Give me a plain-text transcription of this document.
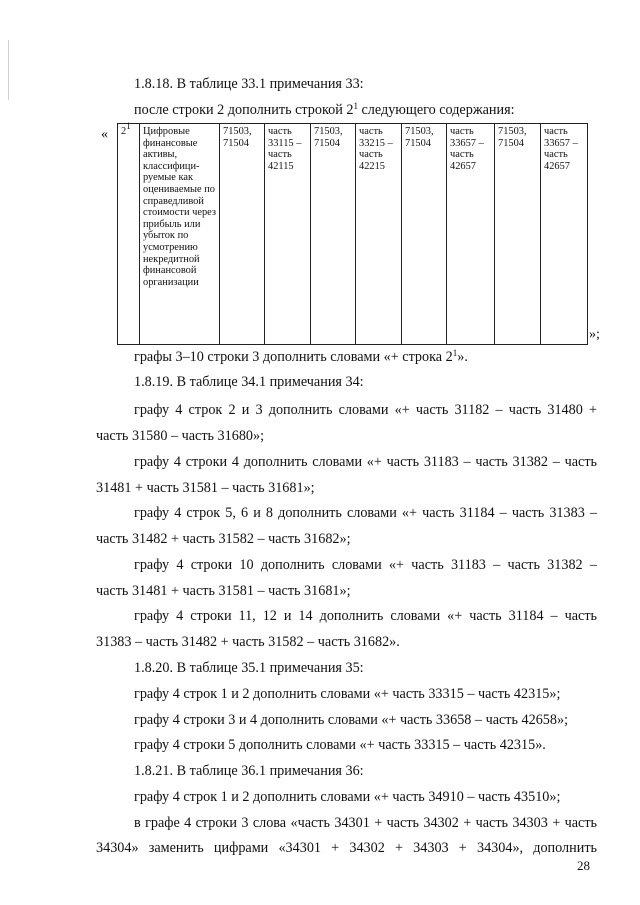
1.8.18. В таблице 33.1 примечания 33:

после строки 2 дополнить строкой $2^1$ следующего содержания:

« $2^1$	Цифровые финансовые активы, классифици-руемые как оцениваемые по справедливой стоимости через прибыль или убыток по усмотрению некредитной финансовой организации	71503, 71504	часть 33115 – часть 42115	71503, 71504	часть 33215 – часть 42215	71503, 71504	часть 33657 – часть 42657	71503, 71504	часть 33657 – часть 42657
»;

графы 3–10 строки 3 дополнить словами «+ строка $2^1$».

1.8.19. В таблице 34.1 примечания 34:

графу 4 строк 2 и 3 дополнить словами «+ часть 31182 – часть 31480 +

часть 31580 – часть 31680»;

графу 4 строки 4 дополнить словами «+ часть 31183 – часть 31382 – часть

31481 + часть 31581 – часть 31681»;

графу 4 строк 5, 6 и 8 дополнить словами «+ часть 31184 – часть 31383 –

часть 31482 + часть 31582 – часть 31682»;

графу 4 строки 10 дополнить словами «+ часть 31183 – часть 31382 –

часть 31481 + часть 31581 – часть 31681»;

графу 4 строки 11, 12 и 14 дополнить словами «+ часть 31184 – часть

31383 – часть 31482 + часть 31582 – часть 31682».

1.8.20. В таблице 35.1 примечания 35:

графу 4 строк 1 и 2 дополнить словами «+ часть 33315 – часть 42315»;

графу 4 строки 3 и 4 дополнить словами «+ часть 33658 – часть 42658»;

графу 4 строки 5 дополнить словами «+ часть 33315 – часть 42315».

1.8.21. В таблице 36.1 примечания 36:

графу 4 строк 1 и 2 дополнить словами «+ часть 34910 – часть 43510»;

в графе 4 строки 3 слова «часть 34301 + часть 34302 + часть 34303 + часть

34304» заменить цифрами «34301 + 34302 + 34303 + 34304», дополнить

28
